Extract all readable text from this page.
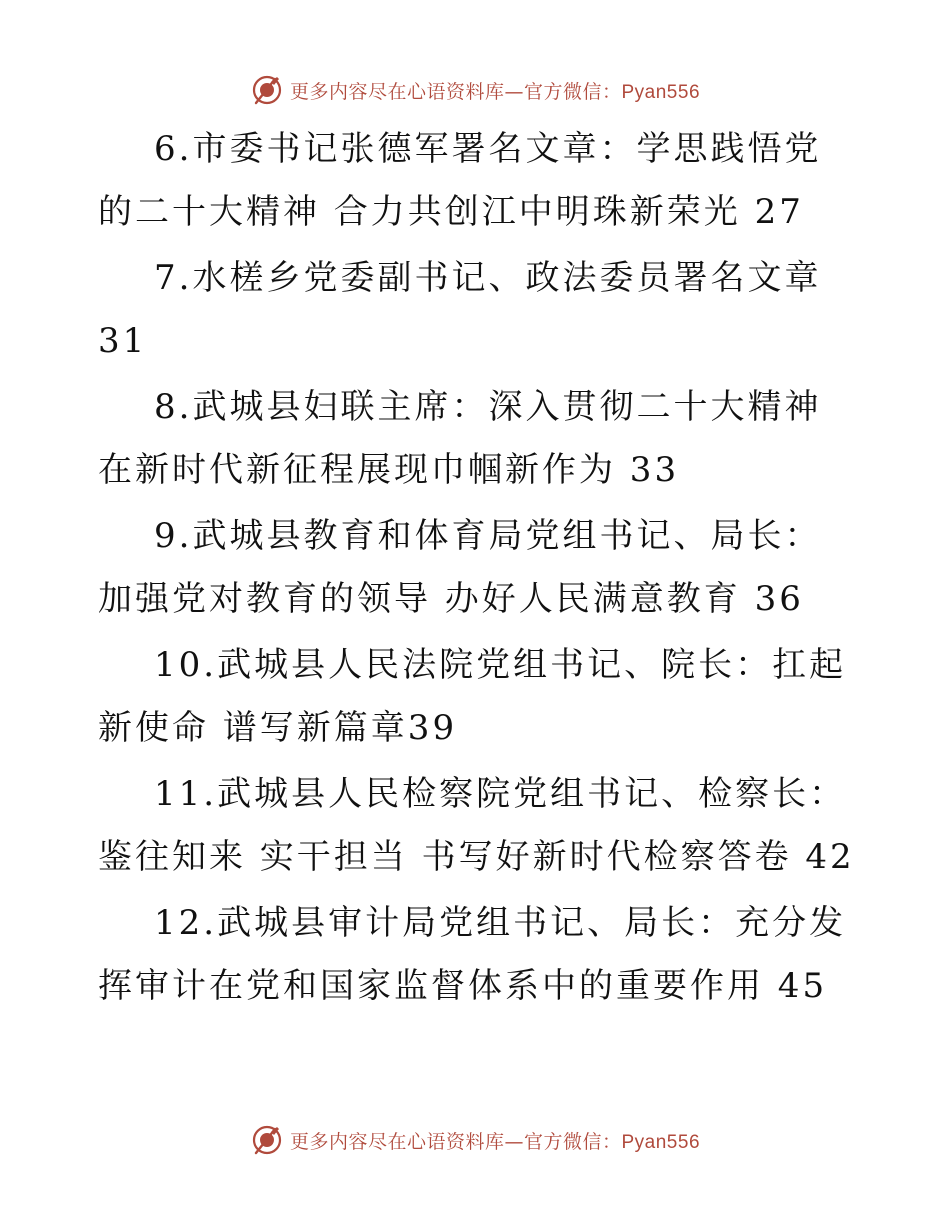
更多内容尽在心语资料库—官方微信：Pyan556

6.市委书记张德军署名文章：学思践悟党的二十大精神 合力共创江中明珠新荣光 27

7.水槎乡党委副书记、政法委员署名文章 31

8.武城县妇联主席：深入贯彻二十大精神 在新时代新征程展现巾帼新作为 33

9.武城县教育和体育局党组书记、局长：加强党对教育的领导 办好人民满意教育 36

10.武城县人民法院党组书记、院长：扛起新使命 谱写新篇章39

11.武城县人民检察院党组书记、检察长：鉴往知来 实干担当 书写好新时代检察答卷 42

12.武城县审计局党组书记、局长：充分发挥审计在党和国家监督体系中的重要作用 45

更多内容尽在心语资料库—官方微信：Pyan556
